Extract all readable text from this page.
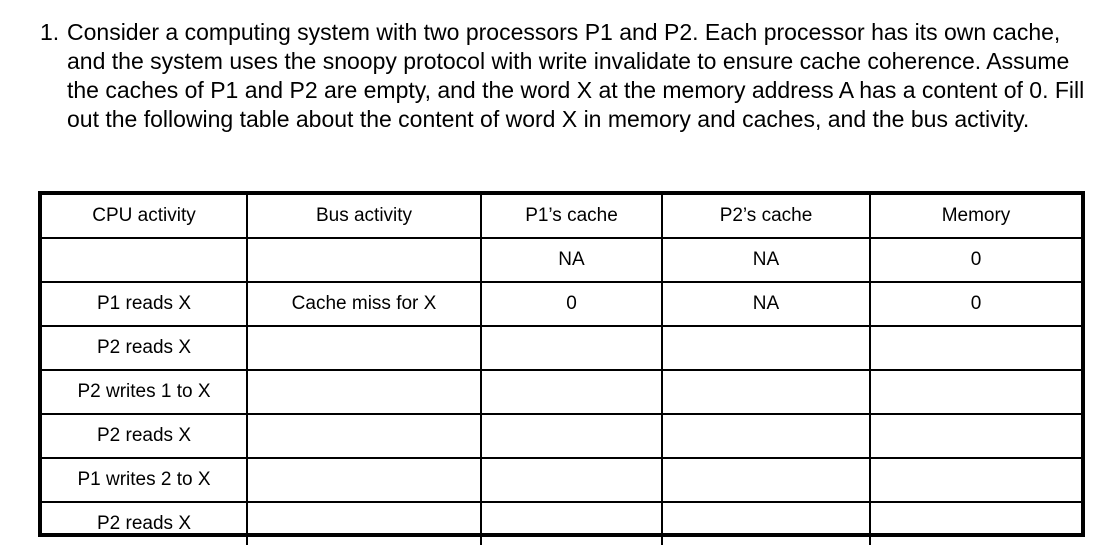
1. Consider a computing system with two processors P1 and P2. Each processor has its own cache, and the system uses the snoopy protocol with write invalidate to ensure cache coherence. Assume the caches of P1 and P2 are empty, and the word X at the memory address A has a content of 0. Fill out the following table about the content of word X in memory and caches, and the bus activity.
CPU activity	Bus activity	P1’s cache	P2’s cache	Memory
		NA	NA	0
P1 reads X	Cache miss for X	0	NA	0
P2 reads X				
P2 writes 1 to X				
P2 reads X				
P1 writes 2 to X				
P2 reads X				
